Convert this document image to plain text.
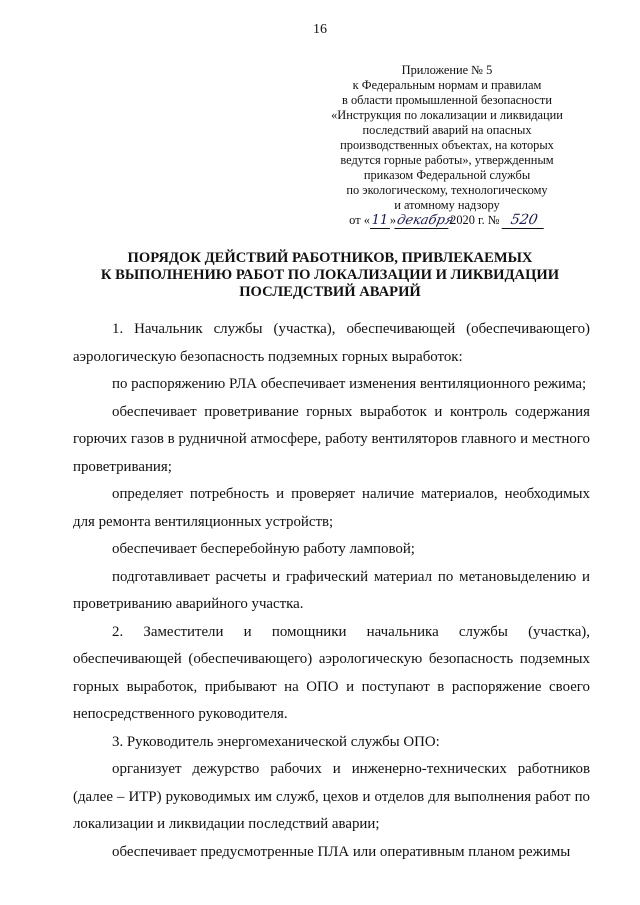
16
Приложение № 5
к Федеральным нормам и правилам
в области промышленной безопасности
«Инструкция по локализации и ликвидации
последствий аварий на опасных
производственных объектах, на которых
ведутся горные работы», утвержденным
приказом Федеральной службы
по экологическому, технологическому
и атомному надзору
от « 11 »декабря2020 г. № 520
ПОРЯДОК ДЕЙСТВИЙ РАБОТНИКОВ, ПРИВЛЕКАЕМЫХ
К ВЫПОЛНЕНИЮ РАБОТ ПО ЛОКАЛИЗАЦИИ И ЛИКВИДАЦИИ
ПОСЛЕДСТВИЙ АВАРИЙ

1. Начальник службы (участка), обеспечивающей (обеспечивающего) аэрологическую безопасность подземных горных выработок:

по распоряжению РЛА обеспечивает изменения вентиляционного режима;

обеспечивает проветривание горных выработок и контроль содержания горючих газов в рудничной атмосфере, работу вентиляторов главного и местного проветривания;

определяет потребность и проверяет наличие материалов, необходимых для ремонта вентиляционных устройств;

обеспечивает бесперебойную работу ламповой;

подготавливает расчеты и графический материал по метановыделению и проветриванию аварийного участка.

2. Заместители и помощники начальника службы (участка), обеспечивающей (обеспечивающего) аэрологическую безопасность подземных горных выработок, прибывают на ОПО и поступают в распоряжение своего непосредственного руководителя.

3. Руководитель энергомеханической службы ОПО:

организует дежурство рабочих и инженерно-технических работников (далее – ИТР) руководимых им служб, цехов и отделов для выполнения работ по локализации и ликвидации последствий аварии;

обеспечивает предусмотренные ПЛА или оперативным планом режимы
